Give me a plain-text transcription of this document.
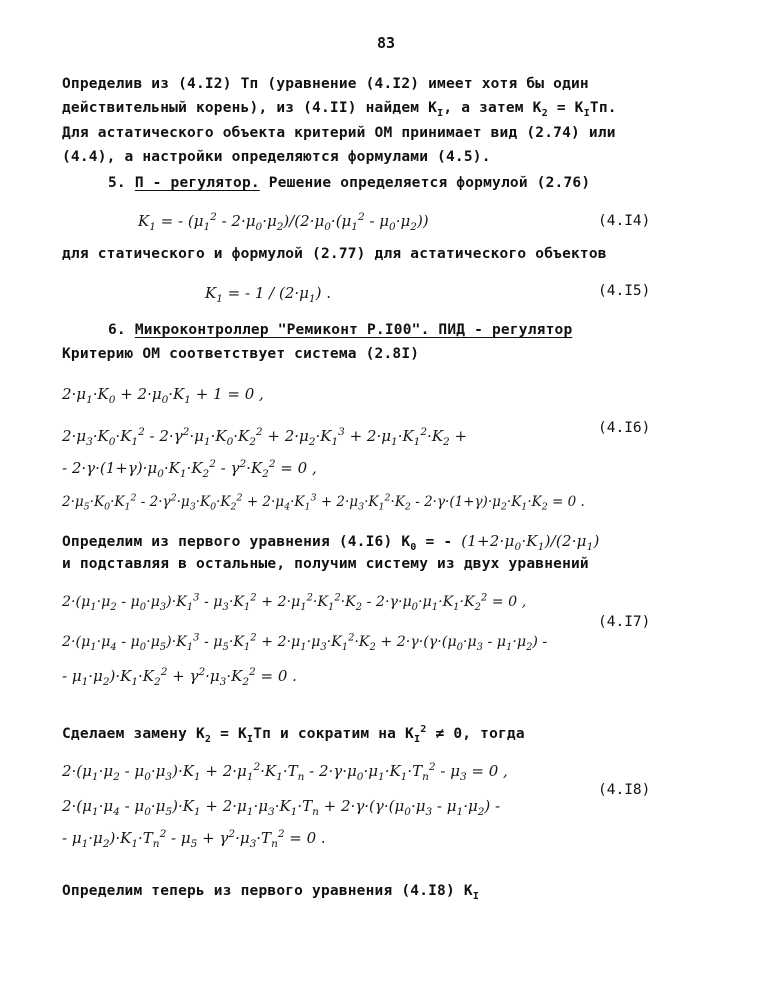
83
Определив из (4.I2) Тп (уравнение (4.I2) имеет хотя бы один
действительный корень), из (4.II) найдем $К_I$, а затем $К_2 = К_IТп$.
Для астатического объекта критерий ОМ принимает вид (2.74) или
(4.4), а настройки определяются формулами (4.5).
5. П - регулятор. Решение определяется формулой (2.76)
$K_1$ = - $(\mu_1^2 - 2\cdot\mu_0\cdot\mu_2)/(2\cdot\mu_0\cdot(\mu_1^2 - \mu_0\cdot\mu_2))$	(4.I4)
для статического и формулой (2.77) для астатического объектов
$K_1$ = - $1 / (2\cdot\mu_1)$ .	(4.I5)
6. Микроконтроллер "Ремиконт Р.I00". ПИД - регулятор
Критерию ОМ соответствует система (2.8I)
$2\cdot\mu_1\cdot K_0 + 2\cdot\mu_0\cdot K_1 + 1 = 0$ ,
$2\cdot\mu_3\cdot K_0\cdot K_1^2 - 2\cdot\gamma^2\cdot\mu_1\cdot K_0\cdot K_2^2 + 2\cdot\mu_2\cdot K_1^3 + 2\cdot\mu_1\cdot K_1^2\cdot K_2$ +	(4.I6)
- $2\cdot\gamma\cdot(1+\gamma)\cdot\mu_0\cdot K_1\cdot K_2^2 - \gamma^2\cdot K_2^2 = 0$ ,
$2\cdot\mu_5\cdot K_0\cdot K_1^2 - 2\cdot\gamma^2\cdot\mu_3\cdot K_0\cdot K_2^2 + 2\cdot\mu_4\cdot K_1^3 + 2\cdot\mu_3\cdot K_1^2\cdot K_2 - 2\cdot\gamma\cdot(1+\gamma)\cdot\mu_2\cdot K_1\cdot K_2 = 0$ .
Определим из первого уравнения (4.I6) $К_0$ = - $(1+2\cdot\mu_0\cdot K_1)/(2\cdot\mu_1)$
и подставляя в остальные, получим систему из двух уравнений
$2\cdot(\mu_1\cdot\mu_2 - \mu_0\cdot\mu_3)\cdot K_1^3 - \mu_3\cdot K_1^2 + 2\cdot\mu_1^2\cdot K_1^2\cdot K_2 - 2\cdot\gamma\cdot\mu_0\cdot\mu_1\cdot K_1\cdot K_2^2 = 0$ ,
(4.I7)
$2\cdot(\mu_1\cdot\mu_4 - \mu_0\cdot\mu_5)\cdot K_1^3 - \mu_5\cdot K_1^2 + 2\cdot\mu_1\cdot\mu_3\cdot K_1^2\cdot K_2 + 2\cdot\gamma\cdot(\gamma\cdot(\mu_0\cdot\mu_3 - \mu_1\cdot\mu_2)$ -
- $\mu_1\cdot\mu_2)\cdot K_1\cdot K_2^2 + \gamma^2\cdot\mu_3\cdot K_2^2 = 0$ .
Сделаем замену $К_2 = К_IТп$ и сократим на $К_I^2 \ne 0$, тогда
$2\cdot(\mu_1\cdot\mu_2 - \mu_0\cdot\mu_3)\cdot K_1 + 2\cdot\mu_1^2\cdot K_1\cdot T_n - 2\cdot\gamma\cdot\mu_0\cdot\mu_1\cdot K_1\cdot T_n^2 - \mu_3 = 0$ ,
(4.I8)
$2\cdot(\mu_1\cdot\mu_4 - \mu_0\cdot\mu_5)\cdot K_1 + 2\cdot\mu_1\cdot\mu_3\cdot K_1\cdot T_n + 2\cdot\gamma\cdot(\gamma\cdot(\mu_0\cdot\mu_3 - \mu_1\cdot\mu_2)$ -
- $\mu_1\cdot\mu_2)\cdot K_1\cdot T_n^2 - \mu_5 + \gamma^2\cdot\mu_3\cdot T_n^2 = 0$ .
Определим теперь из первого уравнения (4.I8) $К_I$
